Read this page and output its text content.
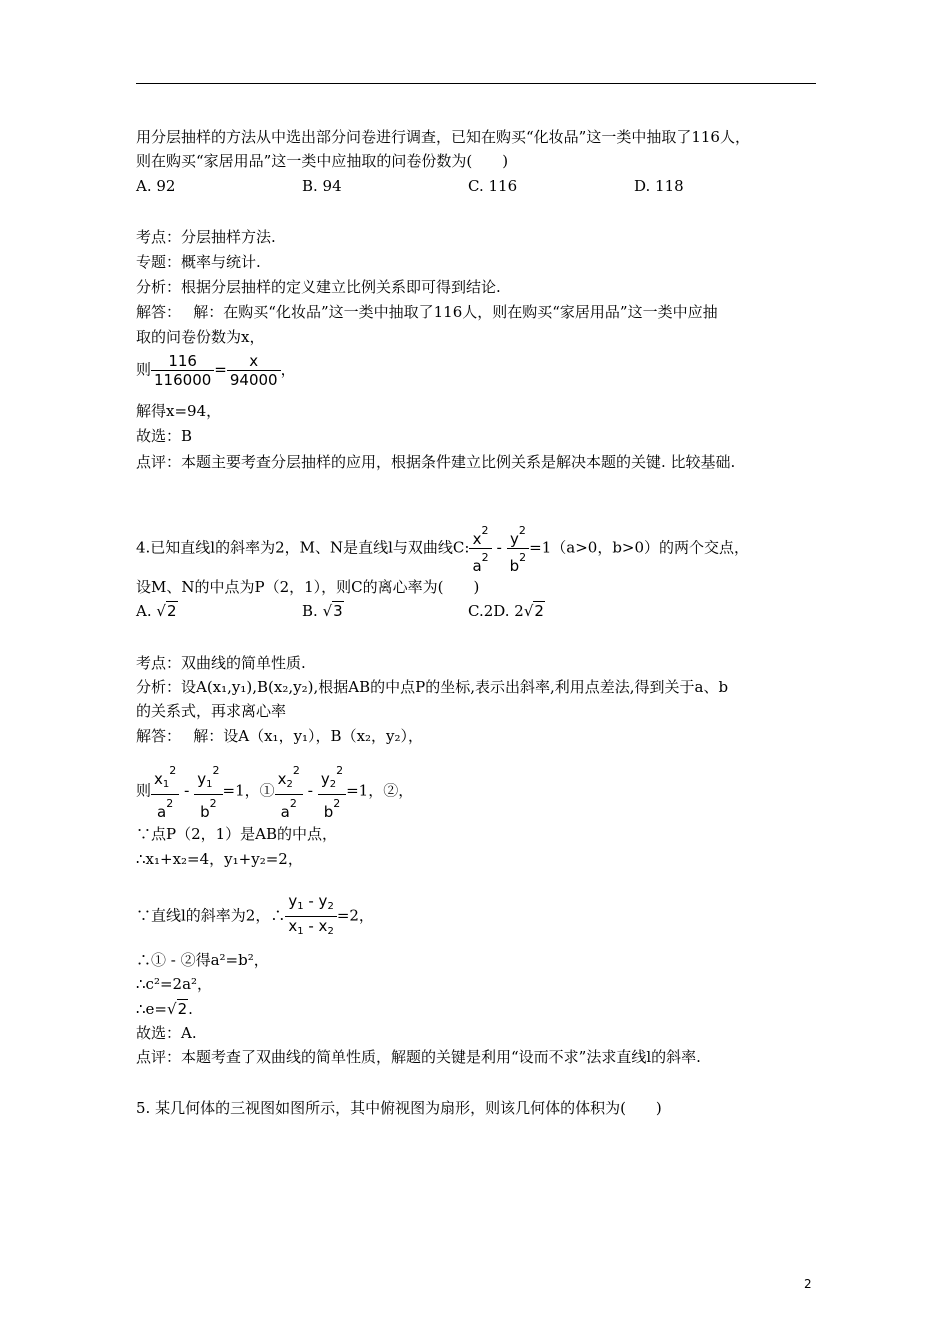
用分层抽样的方法从中选出部分问卷进行调查，已知在购买“化妆品”这一类中抽取了116人，
则在购买“家居用品”这一类中应抽取的问卷份数为(　　)
A. 92	B. 94	C. 116	D. 118
考点：分层抽样方法.
专题：概率与统计.
分析：根据分层抽样的定义建立比例关系即可得到结论.
解答：　 解：在购买“化妆品”这一类中抽取了116人，则在购买“家居用品”这一类中应抽
取的问卷份数为x，
则 $\frac{116}{116000} = \frac{x}{94000}$ ，
解得x=94，
故选：B
点评：本题主要考查分层抽样的应用，根据条件建立比例关系是解决本题的关键. 比较基础.
4.已知直线l的斜率为2，M、N是直线l与双曲线C: $\frac{x^2}{a^2} - \frac{y^2}{b^2} =1(a>0$，b>0）的两个交点，
设M、N的中点为P（2，1），则C的离心率为(　　)
A. √2	B. √3	C.2D. 2√2
考点：双曲线的简单性质.
分析：设A(x₁,y₁),B(x₂,y₂),根据AB的中点P的坐标,表示出斜率,利用点差法,得到关于a、b
的关系式，再求离心率
解答：　 解：设A（x₁，y₁），B（x₂，y₂），
则 $\frac{x_1^2}{a^2} - \frac{y_1^2}{b^2} =1$，① $\frac{x_2^2}{a^2} - \frac{y_2^2}{b^2} =1$，②，
∵点P（2，1）是AB的中点，
∴x₁+x₂=4，y₁+y₂=2，
∵直线l的斜率为2，∴ $\frac{y_1 - y_2}{x_1 - x_2} =2$，
∴① - ②得a²=b²，
∴c²=2a²，
∴e=√2.
故选：A.
点评：本题考查了双曲线的简单性质，解题的关键是利用“设而不求”法求直线l的斜率.
5. 某几何体的三视图如图所示，其中俯视图为扇形，则该几何体的体积为(　　)
2
